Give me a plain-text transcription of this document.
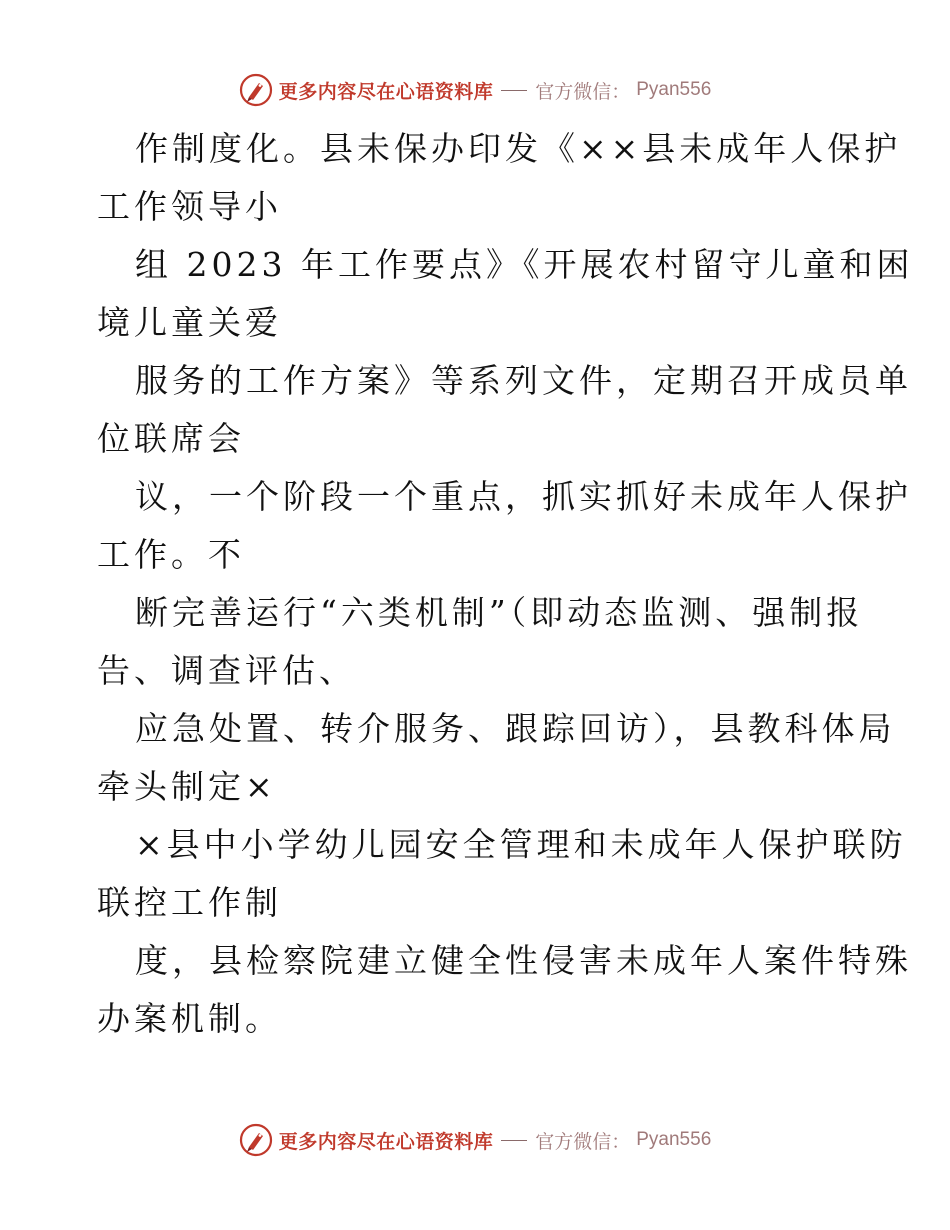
更多内容尽在心语资料库 官方微信： Pyan556
作制度化。县未保办印发《××县未成年人保护
工作领导小
组 2023 年工作要点》《开展农村留守儿童和困
境儿童关爱
服务的工作方案》等系列文件，定期召开成员单
位联席会
议，一个阶段一个重点，抓实抓好未成年人保护
工作。不
断完善运行“六类机制”（即动态监测、强制报
告、调查评估、
应急处置、转介服务、跟踪回访），县教科体局
牵头制定×
×县中小学幼儿园安全管理和未成年人保护联防
联控工作制
度，县检察院建立健全性侵害未成年人案件特殊
办案机制。
更多内容尽在心语资料库 官方微信： Pyan556
